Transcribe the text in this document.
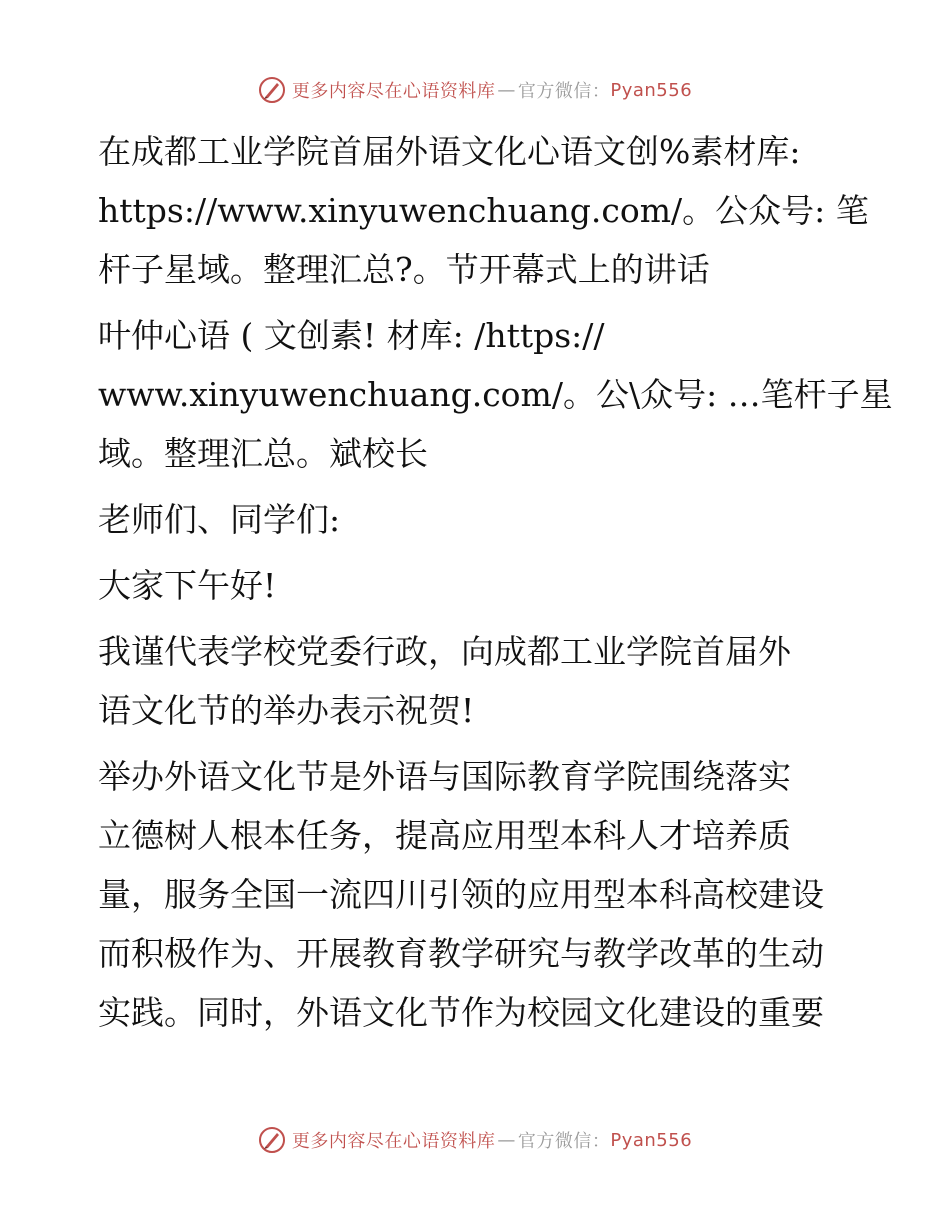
更多内容尽在心语资料库 — 官方微信： Pyan556

在成都工业学院首届外语文化心语文创%素材库:
https://www.xinyuwenchuang.com/。公众号: 笔
杆子星域。整理汇总?。节开幕式上的讲话

叶仲心语 ( 文创素! 材库: /https://
www.xinyuwenchuang.com/。公\众号: …笔杆子星
域。整理汇总。斌校长

老师们、同学们:

大家下午好!

我谨代表学校党委行政，向成都工业学院首届外
语文化节的举办表示祝贺!

举办外语文化节是外语与国际教育学院围绕落实
立德树人根本任务，提高应用型本科人才培养质
量，服务全国一流四川引领的应用型本科高校建设
而积极作为、开展教育教学研究与教学改革的生动
实践。同时，外语文化节作为校园文化建设的重要

更多内容尽在心语资料库 — 官方微信： Pyan556
